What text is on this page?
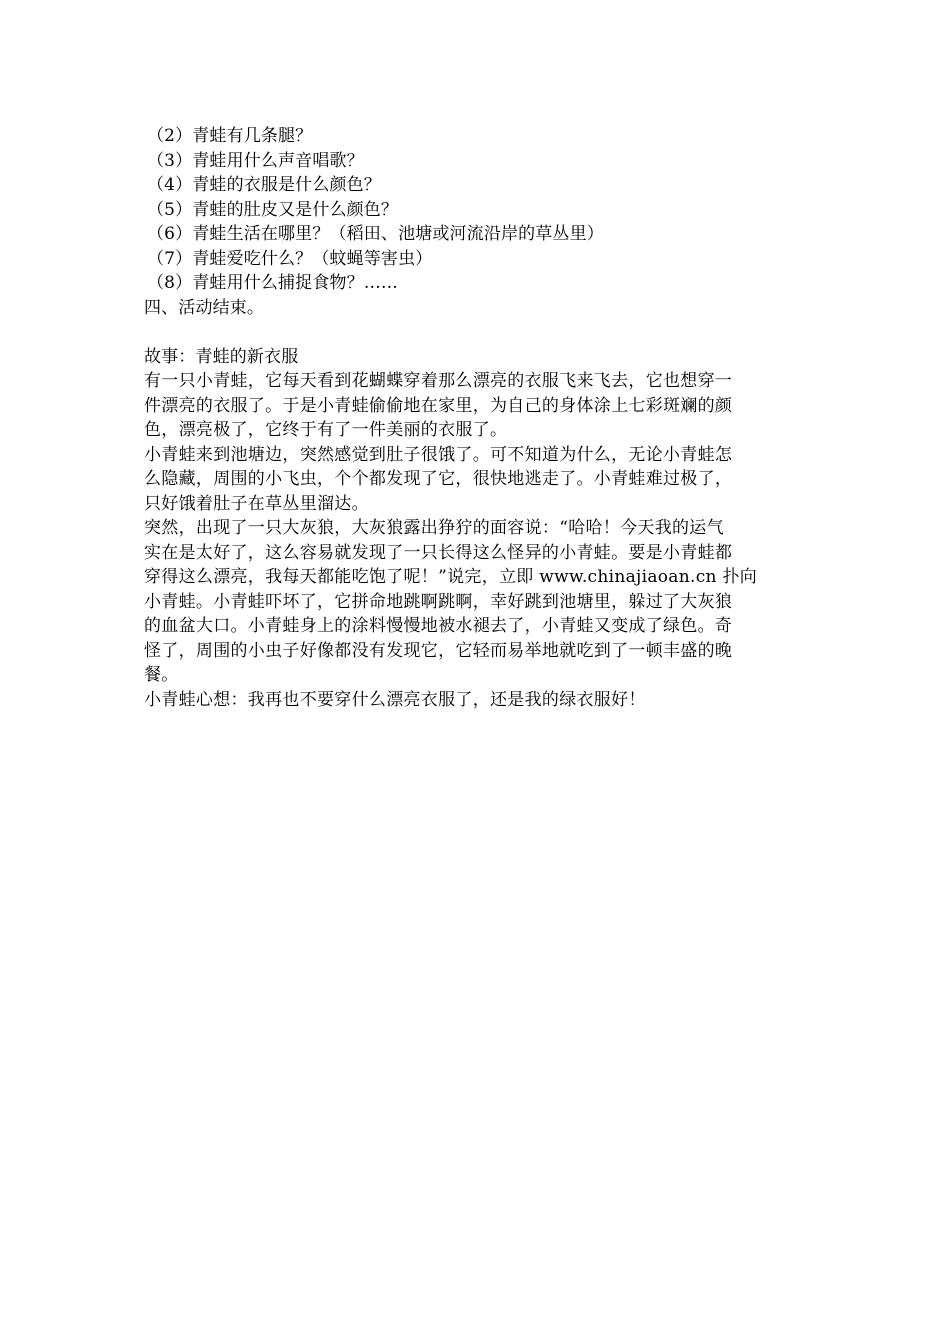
（2）青蛙有几条腿？
（3）青蛙用什么声音唱歌？
（4）青蛙的衣服是什么颜色？
（5）青蛙的肚皮又是什么颜色？
（6）青蛙生活在哪里？（稻田、池塘或河流沿岸的草丛里）
（7）青蛙爱吃什么？（蚊蝇等害虫）
（8）青蛙用什么捕捉食物？……
四、活动结束。
故事：青蛙的新衣服
有一只小青蛙，它每天看到花蝴蝶穿着那么漂亮的衣服飞来飞去，它也想穿一
件漂亮的衣服了。于是小青蛙偷偷地在家里，为自己的身体涂上七彩斑斓的颜
色，漂亮极了，它终于有了一件美丽的衣服了。
小青蛙来到池塘边，突然感觉到肚子很饿了。可不知道为什么，无论小青蛙怎
么隐藏，周围的小飞虫，个个都发现了它，很快地逃走了。小青蛙难过极了，
只好饿着肚子在草丛里溜达。
突然，出现了一只大灰狼，大灰狼露出狰狞的面容说：“哈哈！今天我的运气
实在是太好了，这么容易就发现了一只长得这么怪异的小青蛙。要是小青蛙都
穿得这么漂亮，我每天都能吃饱了呢！”说完，立即 www.chinajiaoan.cn 扑向
小青蛙。小青蛙吓坏了，它拼命地跳啊跳啊，幸好跳到池塘里，躲过了大灰狼
的血盆大口。小青蛙身上的涂料慢慢地被水褪去了，小青蛙又变成了绿色。奇
怪了，周围的小虫子好像都没有发现它，它轻而易举地就吃到了一顿丰盛的晚
餐。
小青蛙心想：我再也不要穿什么漂亮衣服了，还是我的绿衣服好！
